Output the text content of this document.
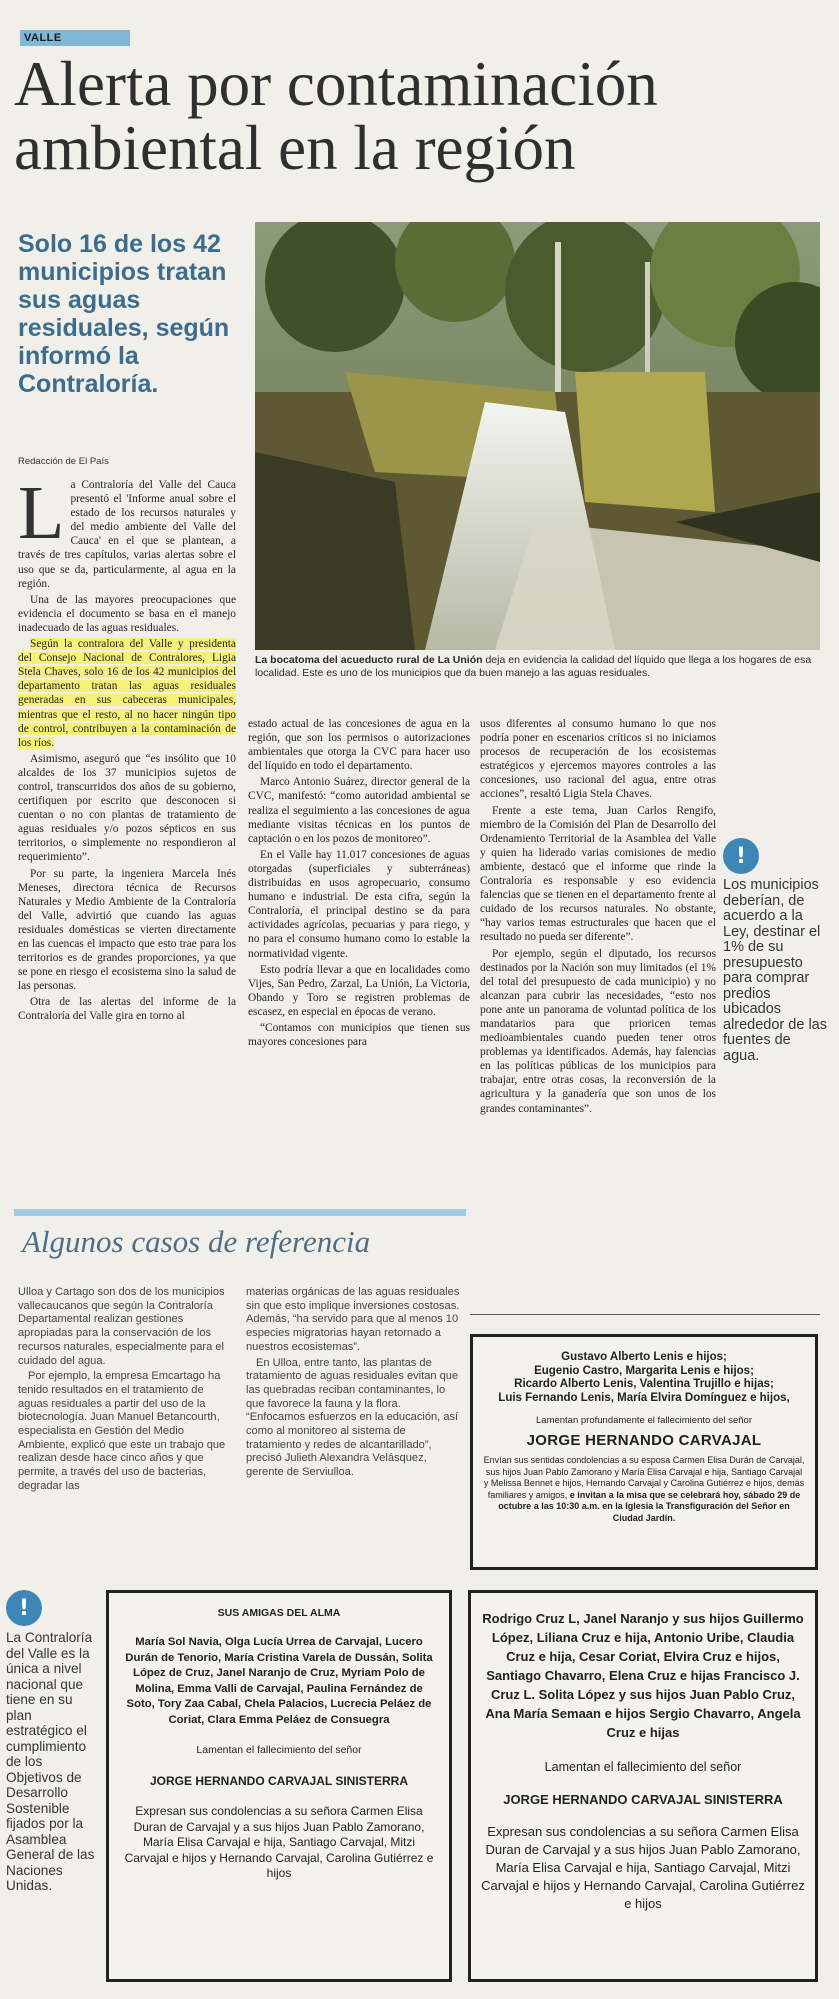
VALLE
Alerta por contaminación ambiental en la región
Solo 16 de los 42 municipios tratan sus aguas residuales, según informó la Contraloría.
La bocatoma del acueducto rural de La Unión deja en evidencia la calidad del líquido que llega a los hogares de esa localidad. Este es uno de los municipios que da buen manejo a las aguas residuales.
Redacción de El País

La Contraloría del Valle del Cauca presentó el 'Informe anual sobre el estado de los recursos naturales y del medio ambiente del Valle del Cauca' en el que se plantean, a través de tres capítulos, varias alertas sobre el uso que se da, particularmente, al agua en la región.

Una de las mayores preocupaciones que evidencia el documento se basa en el manejo inadecuado de las aguas residuales.

Según la contralora del Valle y presidenta del Consejo Nacional de Contralores, Ligia Stela Chaves, solo 16 de los 42 municipios del departamento tratan las aguas residuales generadas en sus cabeceras municipales, mientras que el resto, al no hacer ningún tipo de control, contribuyen a la contaminación de los ríos.

Asimismo, aseguró que “es insólito que 10 alcaldes de los 37 municipios sujetos de control, transcurridos dos años de su gobierno, certifiquen por escrito que desconocen si cuentan o no con plantas de tratamiento de aguas residuales y/o pozos sépticos en sus territorios, o simplemente no respondieron al requerimiento”.

Por su parte, la ingeniera Marcela Inés Meneses, directora técnica de Recursos Naturales y Medio Ambiente de la Contraloría del Valle, advirtió que cuando las aguas residuales domésticas se vierten directamente en las cuencas el impacto que esto trae para los territorios es de grandes proporciones, ya que se pone en riesgo el ecosistema sino la salud de las personas.

Otra de las alertas del informe de la Contraloría del Valle gira en torno al

estado actual de las concesiones de agua en la región, que son los permisos o autorizaciones ambientales que otorga la CVC para hacer uso del líquido en todo el departamento.

Marco Antonio Suárez, director general de la CVC, manifestó: “como autoridad ambiental se realiza el seguimiento a las concesiones de agua mediante visitas técnicas en los puntos de captación o en los pozos de monitoreo”.

En el Valle hay 11.017 concesiones de aguas otorgadas (superficiales y subterráneas) distribuidas en usos agropecuario, consumo humano e industrial. De esta cifra, según la Contraloría, el principal destino se da para actividades agrícolas, pecuarias y para riego, y no para el consumo humano como lo estable la normatividad vigente.

Esto podría llevar a que en localidades como Vijes, San Pedro, Zarzal, La Unión, La Victoria, Obando y Toro se registren problemas de escasez, en especial en épocas de verano.

“Contamos con municipios que tienen sus mayores concesiones para

usos diferentes al consumo humano lo que nos podría poner en escenarios críticos si no iniciamos procesos de recuperación de los ecosistemas estratégicos y ejercemos mayores controles a las concesiones, uso racional del agua, entre otras acciones”, resaltó Ligia Stela Chaves.

Frente a este tema, Juan Carlos Rengifo, miembro de la Comisión del Plan de Desarrollo del Ordenamiento Territorial de la Asamblea del Valle y quien ha liderado varias comisiones de medio ambiente, destacó que el informe que rinde la Contraloría es responsable y eso evidencia falencias que se tienen en el departamento frente al cuidado de los recursos naturales. No obstante, “hay varios temas estructurales que hacen que el resultado no pueda ser diferente”.

Por ejemplo, según el diputado, los recursos destinados por la Nación son muy limitados (el 1% del total del presupuesto de cada municipio) y no alcanzan para cubrir las necesidades, “esto nos pone ante un panorama de voluntad política de los mandatarios para que prioricen temas medioambientales cuando pueden tener otros problemas ya identificados. Además, hay falencias en las políticas públicas de los municipios para trabajar, entre otras cosas, la reconversión de la agricultura y la ganadería que son unos de los grandes contaminantes”.

!
Los municipios deberían, de acuerdo a la Ley, destinar el 1% de su presupuesto para comprar predios ubicados alrededor de las fuentes de agua.
Algunos casos de referencia

Ulloa y Cartago son dos de los municipios vallecaucanos que según la Contraloría Departamental realizan gestiones apropiadas para la conservación de los recursos naturales, especialmente para el cuidado del agua.

Por ejemplo, la empresa Emcartago ha tenido resultados en el tratamiento de aguas residuales a partir del uso de la biotecnología. Juan Manuel Betancourth, especialista en Gestión del Medio Ambiente, explicó que este un trabajo que realizan desde hace cinco años y que permite, a través del uso de bacterias, degradar las

materias orgánicas de las aguas residuales sin que esto implique inversiones costosas. Además, “ha servido para que al menos 10 especies migratorias hayan retornado a nuestros ecosistemas”.

En Ulloa, entre tanto, las plantas de tratamiento de aguas residuales evitan que las quebradas reciban contaminantes, lo que favorece la fauna y la flora. “Enfocamos esfuerzos en la educación, así como al monitoreo al sistema de tratamiento y redes de alcantarillado”, precisó Julieth Alexandra Velásquez, gerente de Serviulloa.

Gustavo Alberto Lenis e hijos;
Eugenio Castro, Margarita Lenis e hijos;
Ricardo Alberto Lenis, Valentina Trujillo e hijas;
Luis Fernando Lenis, María Elvira Domínguez e hijos,
Lamentan profundamente el fallecimiento del señor
JORGE HERNANDO CARVAJAL
Envían sus sentidas condolencias a su esposa Carmen Elisa Durán de Carvajal, sus hijos Juan Pablo Zamorano y María Elisa Carvajal e hija, Santiago Carvajal y Melissa Bennet e hijos, Hernando Carvajal y Carolina Gutiérrez e hijos, demás familiares y amigos, e invitan a la misa que se celebrará hoy, sábado 29 de octubre a las 10:30 a.m. en la Iglesia la Transfiguración del Señor en Ciudad Jardín.
!
La Contraloría del Valle es la única a nivel nacional que tiene en su plan estratégico el cumplimiento de los Objetivos de Desarrollo Sostenible fijados por la Asamblea General de las Naciones Unidas.
SUS AMIGAS DEL ALMA
María Sol Navia, Olga Lucía Urrea de Carvajal, Lucero Durán de Tenorio, María Cristina Varela de Dussán, Solita López de Cruz, Janel Naranjo de Cruz, Myriam Polo de Molina, Emma Valli de Carvajal, Paulina Fernández de Soto, Tory Zaa Cabal, Chela Palacios, Lucrecia Peláez de Coriat, Clara Emma Peláez de Consuegra
Lamentan el fallecimiento del señor
JORGE HERNANDO CARVAJAL SINISTERRA
Expresan sus condolencias a su señora Carmen Elisa Duran de Carvajal y a sus hijos Juan Pablo Zamorano, María Elisa Carvajal e hija, Santiago Carvajal, Mitzi Carvajal e hijos y Hernando Carvajal, Carolina Gutiérrez e hijos
Rodrigo Cruz L, Janel Naranjo y sus hijos Guillermo López, Liliana Cruz e hija, Antonio Uribe, Claudia Cruz e hija, Cesar Coriat, Elvira Cruz e hijos, Santiago Chavarro, Elena Cruz e hijas Francisco J. Cruz L. Solita López y sus hijos Juan Pablo Cruz, Ana María Semaan e hijos Sergio Chavarro, Angela Cruz e hijas
Lamentan el fallecimiento del señor
JORGE HERNANDO CARVAJAL SINISTERRA
Expresan sus condolencias a su señora Carmen Elisa Duran de Carvajal y a sus hijos Juan Pablo Zamorano, María Elisa Carvajal e hija, Santiago Carvajal, Mitzi Carvajal e hijos y Hernando Carvajal, Carolina Gutiérrez e hijos
